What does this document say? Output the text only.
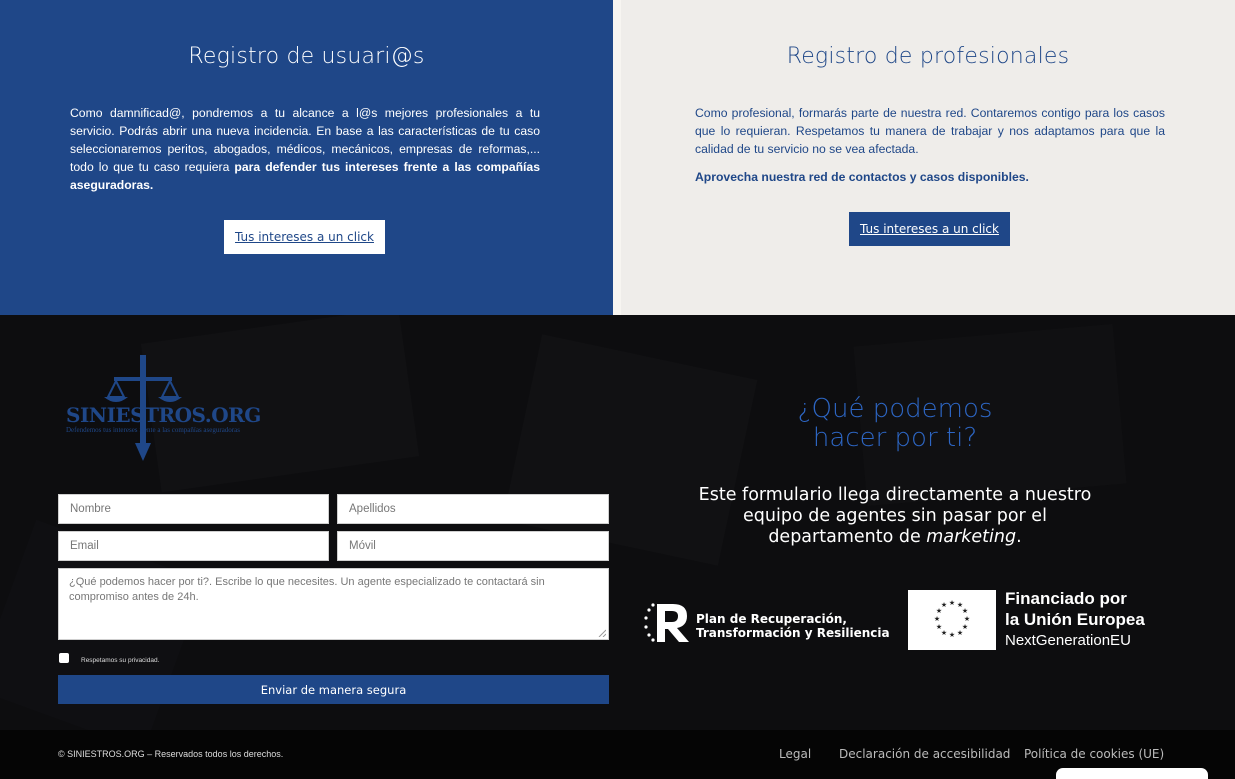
Registro de usuari@s

Como damnificad@, pondremos a tu alcance a l@s mejores profesionales a tu servicio. Podrás abrir una nueva incidencia. En base a las características de tu caso seleccionaremos peritos, abogados, médicos, mecánicos, empresas de reformas,... todo lo que tu caso requiera para defender tus intereses frente a las compañías aseguradoras.

Tus intereses a un click
Registro de profesionales

Como profesional, formarás parte de nuestra red. Contaremos contigo para los casos que lo requieran. Respetamos tu manera de trabajar y nos adaptamos para que la calidad de tu servicio no se vea afectada.

Aprovecha nuestra red de contactos y casos disponibles.

Tus intereses a un click
SINIESTROS.ORG
Defendemos tus intereses frente a las compañías aseguradoras
¿Qué podemos hacer por ti?

Este formulario llega directamente a nuestro equipo de agentes sin pasar por el departamento de marketing.

Nombre	Apellidos
Email	Móvil
¿Qué podemos hacer por ti?. Escribe lo que necesites. Un agente especializado te contactará sin compromiso antes de 24h.
Respetamos su privacidad.
Enviar de manera segura
Plan de Recuperación,
Transformación y Resiliencia
★ ★
★
★
★
★
★
★
★
★
★
★	Financiado por
la Unión Europea
NextGenerationEU
© SINIESTROS.ORG – Reservados todos los derechos.	Legal Declaración de accesibilidad Política de cookies (UE)
